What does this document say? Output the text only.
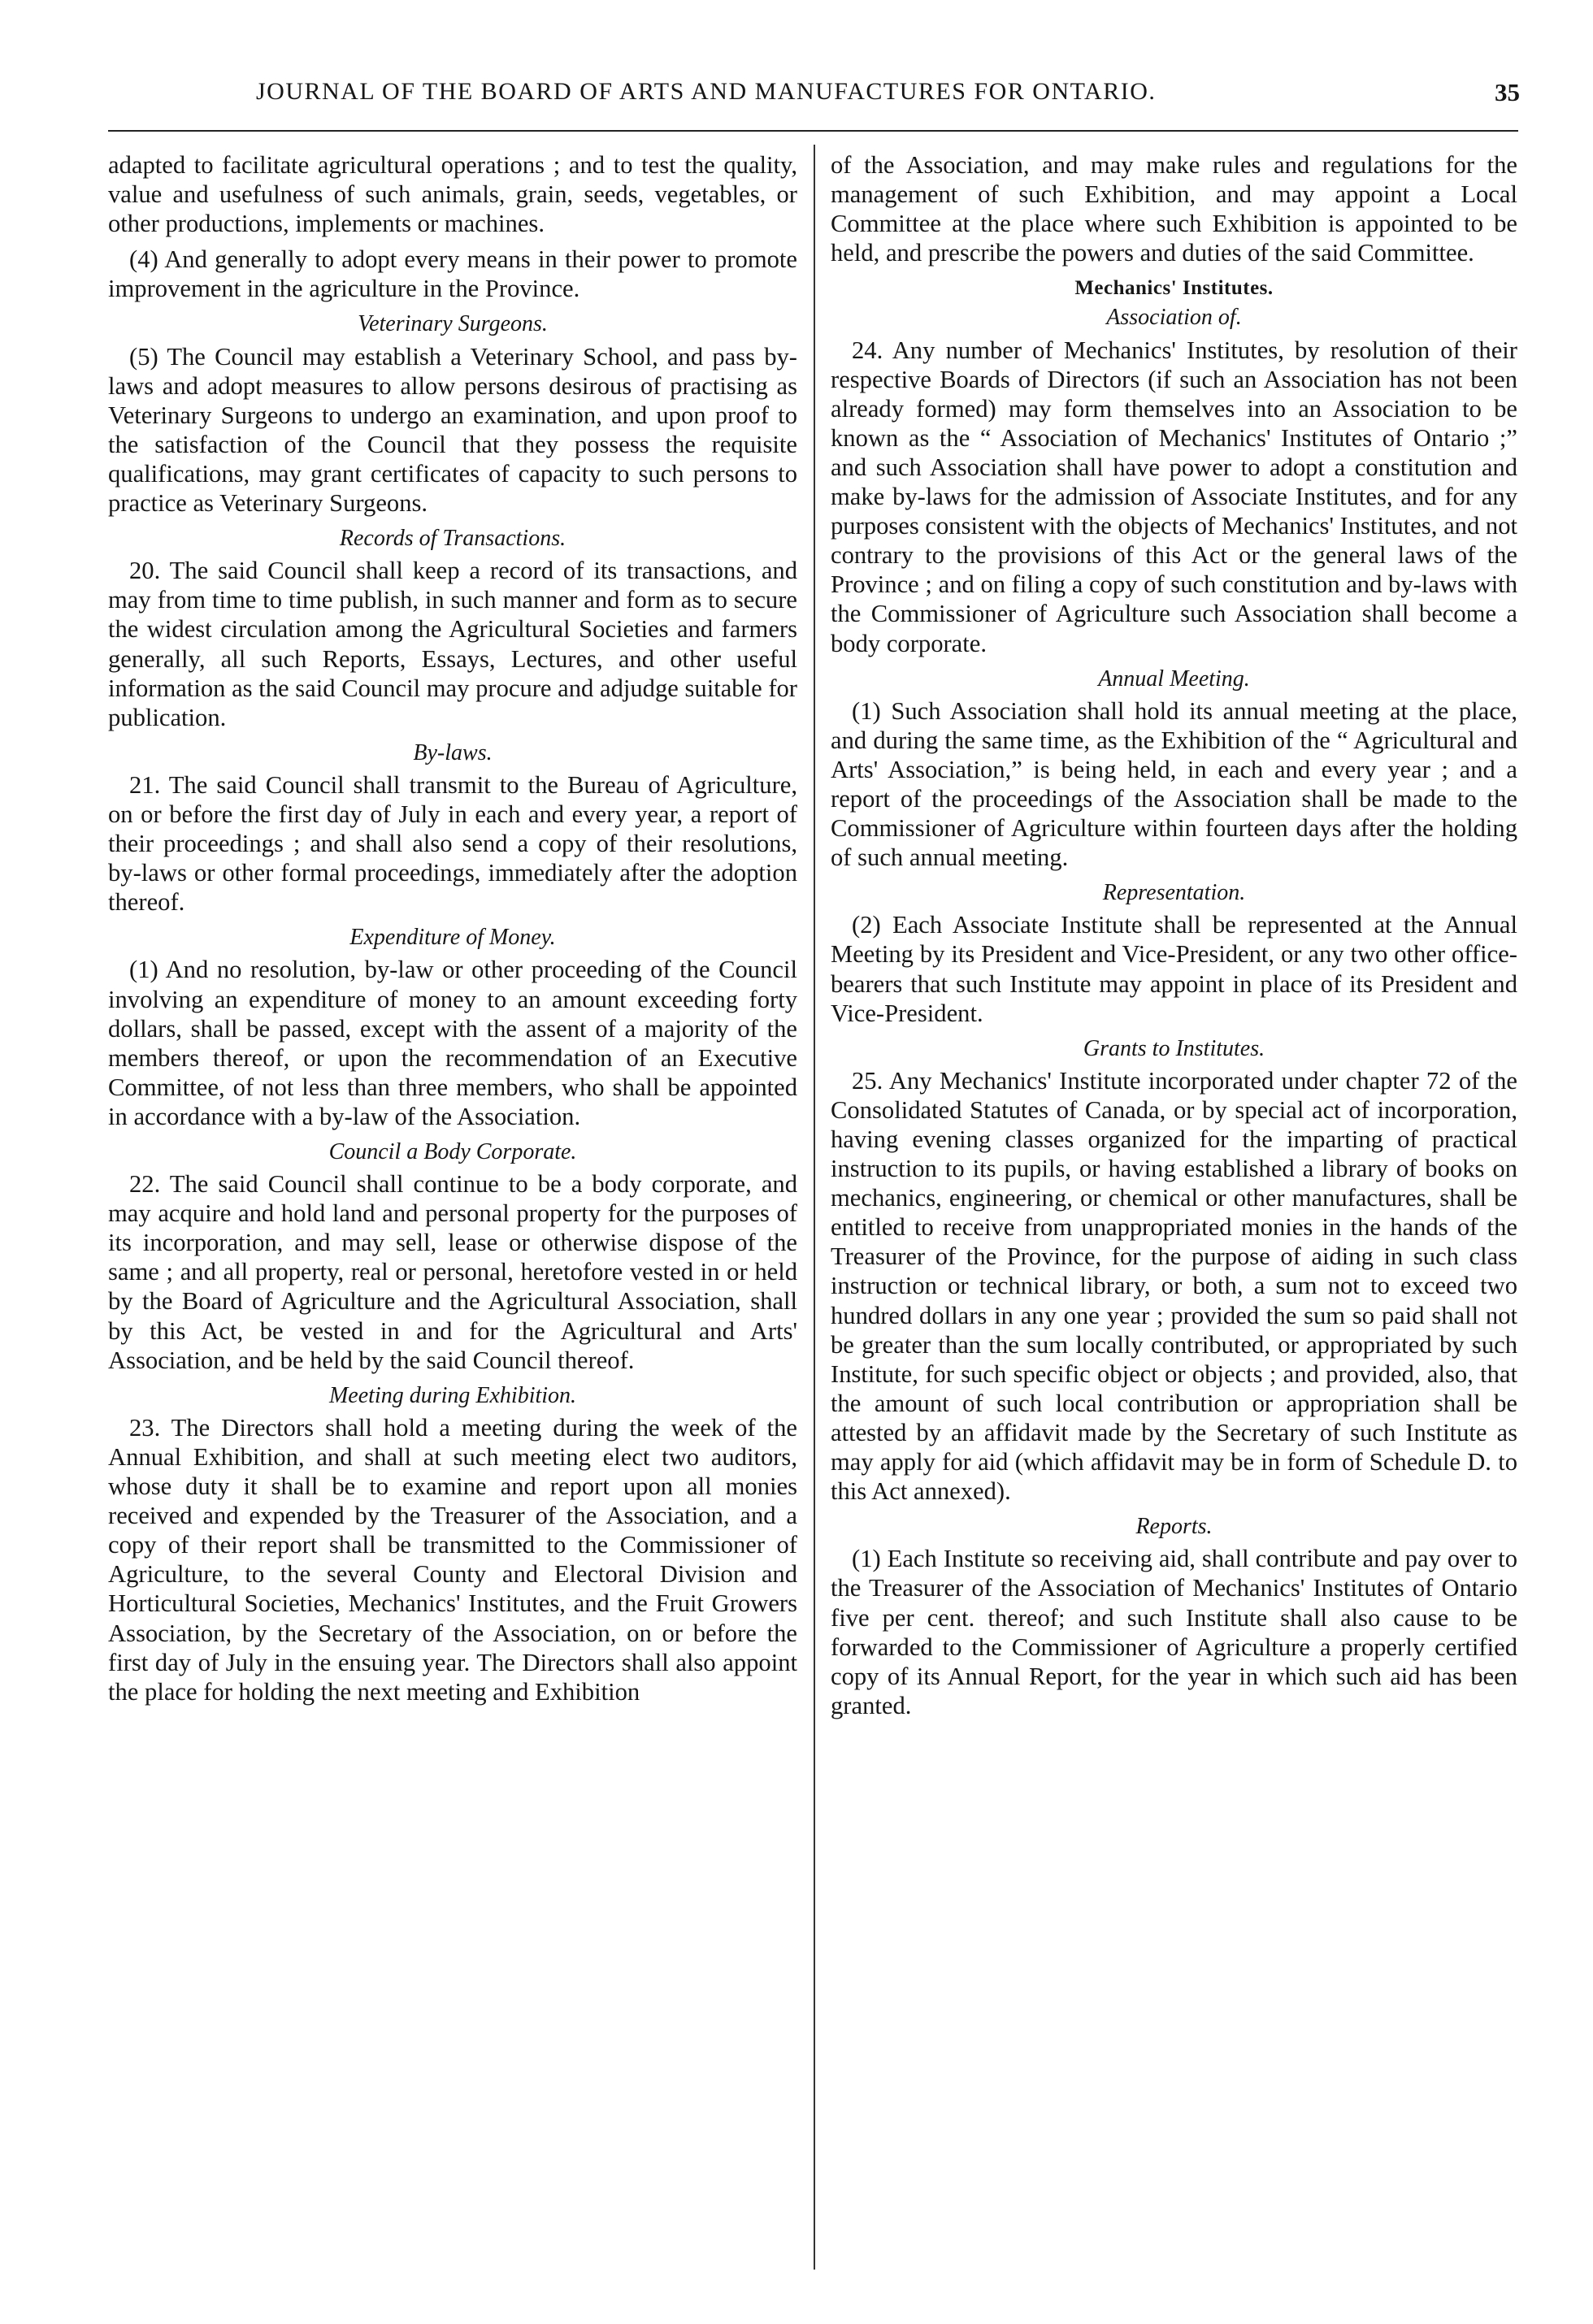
JOURNAL OF THE BOARD OF ARTS AND MANUFACTURES FOR ONTARIO.	35

adapted to facilitate agricultural operations ; and to test the quality, value and usefulness of such animals, grain, seeds, vegetables, or other productions, implements or machines.

(4) And generally to adopt every means in their power to promote improvement in the agriculture in the Province.

Veterinary Surgeons.

(5) The Council may establish a Veterinary School, and pass by-laws and adopt measures to allow persons desirous of practising as Veterinary Surgeons to undergo an examination, and upon proof to the satisfaction of the Council that they possess the requisite qualifications, may grant certificates of capacity to such persons to practice as Veterinary Surgeons.

Records of Transactions.

20. The said Council shall keep a record of its transactions, and may from time to time publish, in such manner and form as to secure the widest circulation among the Agricultural Societies and farmers generally, all such Reports, Essays, Lectures, and other useful information as the said Council may procure and adjudge suitable for publication.

By-laws.

21. The said Council shall transmit to the Bureau of Agriculture, on or before the first day of July in each and every year, a report of their proceedings ; and shall also send a copy of their resolutions, by-laws or other formal proceedings, immediately after the adoption thereof.

Expenditure of Money.

(1) And no resolution, by-law or other proceeding of the Council involving an expenditure of money to an amount exceeding forty dollars, shall be passed, except with the assent of a majority of the members thereof, or upon the recommendation of an Executive Committee, of not less than three members, who shall be appointed in accordance with a by-law of the Association.

Council a Body Corporate.

22. The said Council shall continue to be a body corporate, and may acquire and hold land and personal property for the purposes of its incorporation, and may sell, lease or otherwise dispose of the same ; and all property, real or personal, heretofore vested in or held by the Board of Agriculture and the Agricultural Association, shall by this Act, be vested in and for the Agricultural and Arts' Association, and be held by the said Council thereof.

Meeting during Exhibition.

23. The Directors shall hold a meeting during the week of the Annual Exhibition, and shall at such meeting elect two auditors, whose duty it shall be to examine and report upon all monies received and expended by the Treasurer of the Association, and a copy of their report shall be transmitted to the Commissioner of Agriculture, to the several County and Electoral Division and Horticultural Societies, Mechanics' Institutes, and the Fruit Growers Association, by the Secretary of the Association, on or before the first day of July in the ensuing year. The Directors shall also appoint the place for holding the next meeting and Exhibition

of the Association, and may make rules and regulations for the management of such Exhibition, and may appoint a Local Committee at the place where such Exhibition is appointed to be held, and prescribe the powers and duties of the said Committee.

Mechanics' Institutes.

Association of.

24. Any number of Mechanics' Institutes, by resolution of their respective Boards of Directors (if such an Association has not been already formed) may form themselves into an Association to be known as the “ Association of Mechanics' Institutes of Ontario ;” and such Association shall have power to adopt a constitution and make by-laws for the admission of Associate Institutes, and for any purposes consistent with the objects of Mechanics' Institutes, and not contrary to the provisions of this Act or the general laws of the Province ; and on filing a copy of such constitution and by-laws with the Commissioner of Agriculture such Association shall become a body corporate.

Annual Meeting.

(1) Such Association shall hold its annual meeting at the place, and during the same time, as the Exhibition of the “ Agricultural and Arts' Association,” is being held, in each and every year ; and a report of the proceedings of the Association shall be made to the Commissioner of Agriculture within fourteen days after the holding of such annual meeting.

Representation.

(2) Each Associate Institute shall be represented at the Annual Meeting by its President and Vice-President, or any two other office-bearers that such Institute may appoint in place of its President and Vice-President.

Grants to Institutes.

25. Any Mechanics' Institute incorporated under chapter 72 of the Consolidated Statutes of Canada, or by special act of incorporation, having evening classes organized for the imparting of practical instruction to its pupils, or having established a library of books on mechanics, engineering, or chemical or other manufactures, shall be entitled to receive from unappropriated monies in the hands of the Treasurer of the Province, for the purpose of aiding in such class instruction or technical library, or both, a sum not to exceed two hundred dollars in any one year ; provided the sum so paid shall not be greater than the sum locally contributed, or appropriated by such Institute, for such specific object or objects ; and provided, also, that the amount of such local contribution or appropriation shall be attested by an affidavit made by the Secretary of such Institute as may apply for aid (which affidavit may be in form of Schedule D. to this Act annexed).

Reports.

(1) Each Institute so receiving aid, shall contribute and pay over to the Treasurer of the Association of Mechanics' Institutes of Ontario five per cent. thereof; and such Institute shall also cause to be forwarded to the Commissioner of Agriculture a properly certified copy of its Annual Report, for the year in which such aid has been granted.
